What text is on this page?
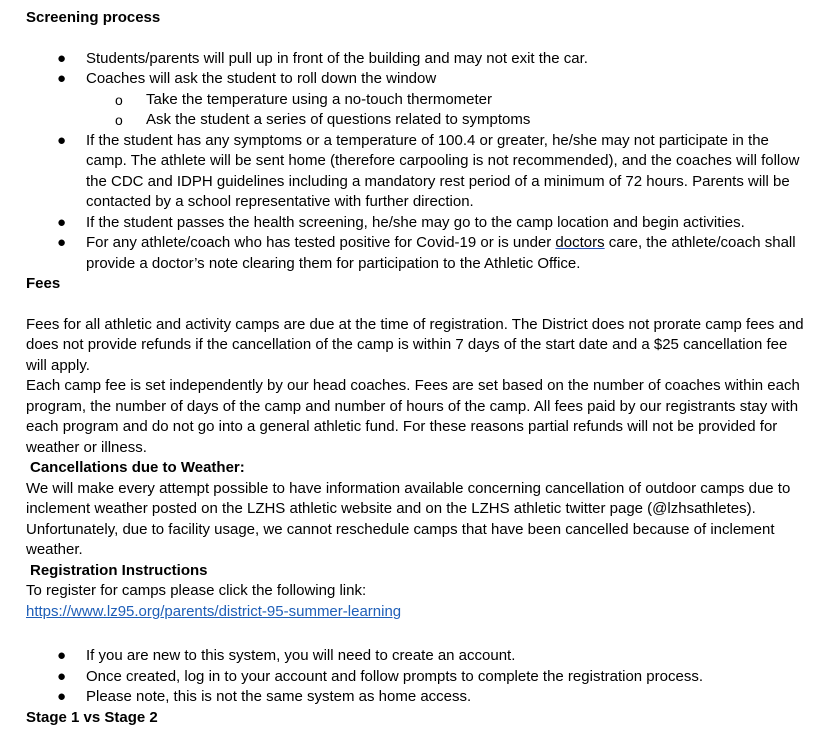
Screening process
● Students/parents will pull up in front of the building and may not exit the car.
● Coaches will ask the student to roll down the window
o Take the temperature using a no-touch thermometer
o Ask the student a series of questions related to symptoms
● If the student has any symptoms or a temperature of 100.4 or greater, he/she may not participate in the camp. The athlete will be sent home (therefore carpooling is not recommended), and the coaches will follow the CDC and IDPH guidelines including a mandatory rest period of a minimum of 72 hours. Parents will be contacted by a school representative with further direction.
● If the student passes the health screening, he/she may go to the camp location and begin activities.
● For any athlete/coach who has tested positive for Covid-19 or is under doctors care, the athlete/coach shall provide a doctor’s note clearing them for participation to the Athletic Office.
Fees
Fees for all athletic and activity camps are due at the time of registration. The District does not prorate camp fees and does not provide refunds if the cancellation of the camp is within 7 days of the start date and a $25 cancellation fee will apply.
Each camp fee is set independently by our head coaches. Fees are set based on the number of coaches within each program, the number of days of the camp and number of hours of the camp. All fees paid by our registrants stay with each program and do not go into a general athletic fund. For these reasons partial refunds will not be provided for weather or illness.
Cancellations due to Weather:
We will make every attempt possible to have information available concerning cancellation of outdoor camps due to inclement weather posted on the LZHS athletic website and on the LZHS athletic twitter page (@lzhsathletes). Unfortunately, due to facility usage, we cannot reschedule camps that have been cancelled because of inclement weather.
Registration Instructions
To register for camps please click the following link:
https://www.lz95.org/parents/district-95-summer-learning
● If you are new to this system, you will need to create an account.
● Once created, log in to your account and follow prompts to complete the registration process.
● Please note, this is not the same system as home access.
Stage 1 vs Stage 2
